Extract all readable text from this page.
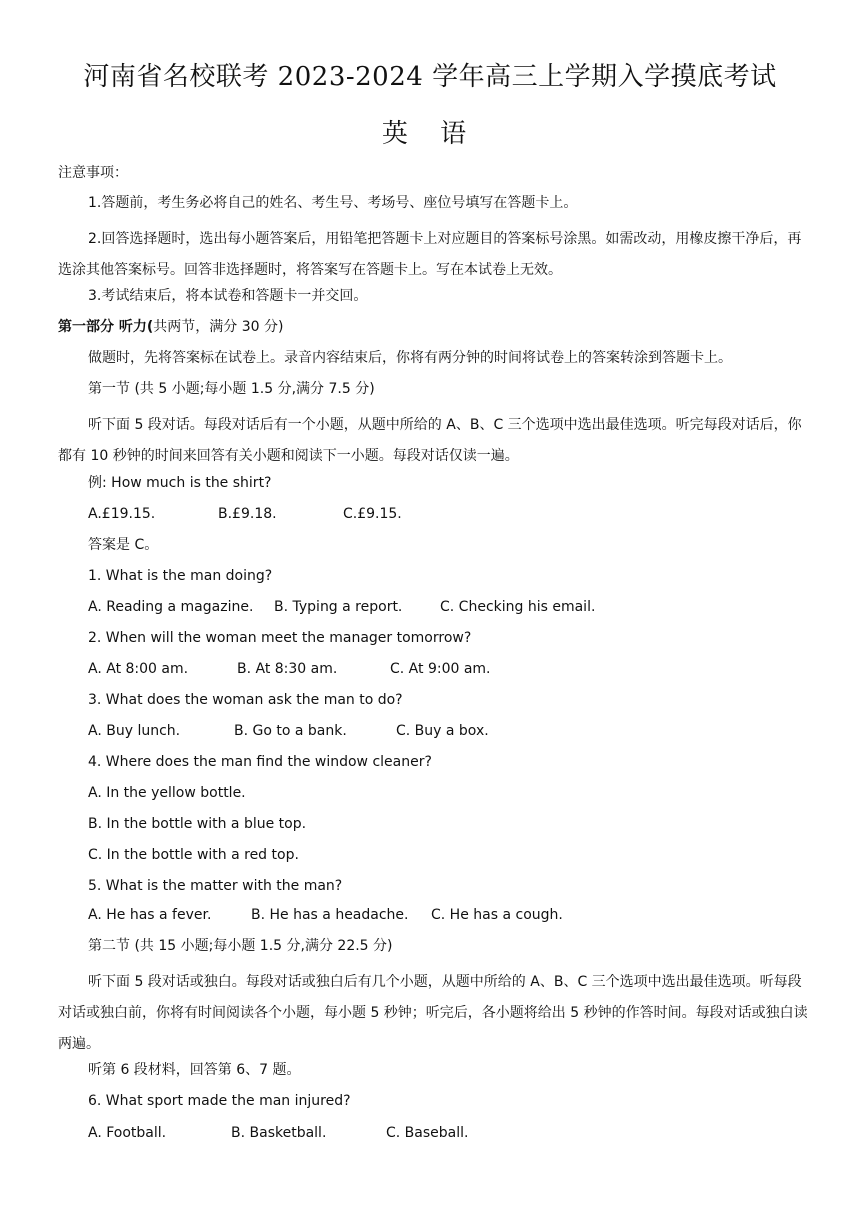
河南省名校联考 2023-2024 学年高三上学期入学摸底考试
英 语
注意事项：
1.答题前，考生务必将自己的姓名、考生号、考场号、座位号填写在答题卡上。
2.回答选择题时，选出每小题答案后，用铅笔把答题卡上对应题目的答案标号涂黑。如需改动，用橡皮擦干净后，再选涂其他答案标号。回答非选择题时，将答案写在答题卡上。写在本试卷上无效。
3.考试结束后，将本试卷和答题卡一并交回。
第一部分 听力(共两节，满分 30 分)
做题时，先将答案标在试卷上。录音内容结束后，你将有两分钟的时间将试卷上的答案转涂到答题卡上。
第一节 (共 5 小题;每小题 1.5 分,满分 7.5 分)
听下面 5 段对话。每段对话后有一个小题，从题中所给的 A、B、C 三个选项中选出最佳选项。听完每段对话后，你都有 10 秒钟的时间来回答有关小题和阅读下一小题。每段对话仅读一遍。
例: How much is the shirt?
A.£19.15.	B.£9.18.	C.£9.15.
答案是 C。
1. What is the man doing?
A. Reading a magazine. B. Typing a report.	C. Checking his email.
2. When will the woman meet the manager tomorrow?
A. At 8:00 am.	B. At 8:30 am.	C. At 9:00 am.
3. What does the woman ask the man to do?
A. Buy lunch.	B. Go to a bank.	C. Buy a box.
4. Where does the man find the window cleaner?
A. In the yellow bottle.
B. In the bottle with a blue top.
C. In the bottle with a red top.
5. What is the matter with the man?
A. He has a fever.	B. He has a headache. C. He has a cough.
第二节 (共 15 小题;每小题 1.5 分,满分 22.5 分)
听下面 5 段对话或独白。每段对话或独白后有几个小题，从题中所给的 A、B、C 三个选项中选出最佳选项。听每段对话或独白前，你将有时间阅读各个小题，每小题 5 秒钟；听完后，各小题将给出 5 秒钟的作答时间。每段对话或独白读两遍。
听第 6 段材料，回答第 6、7 题。
6. What sport made the man injured?
A. Football.	B. Basketball.	C. Baseball.
